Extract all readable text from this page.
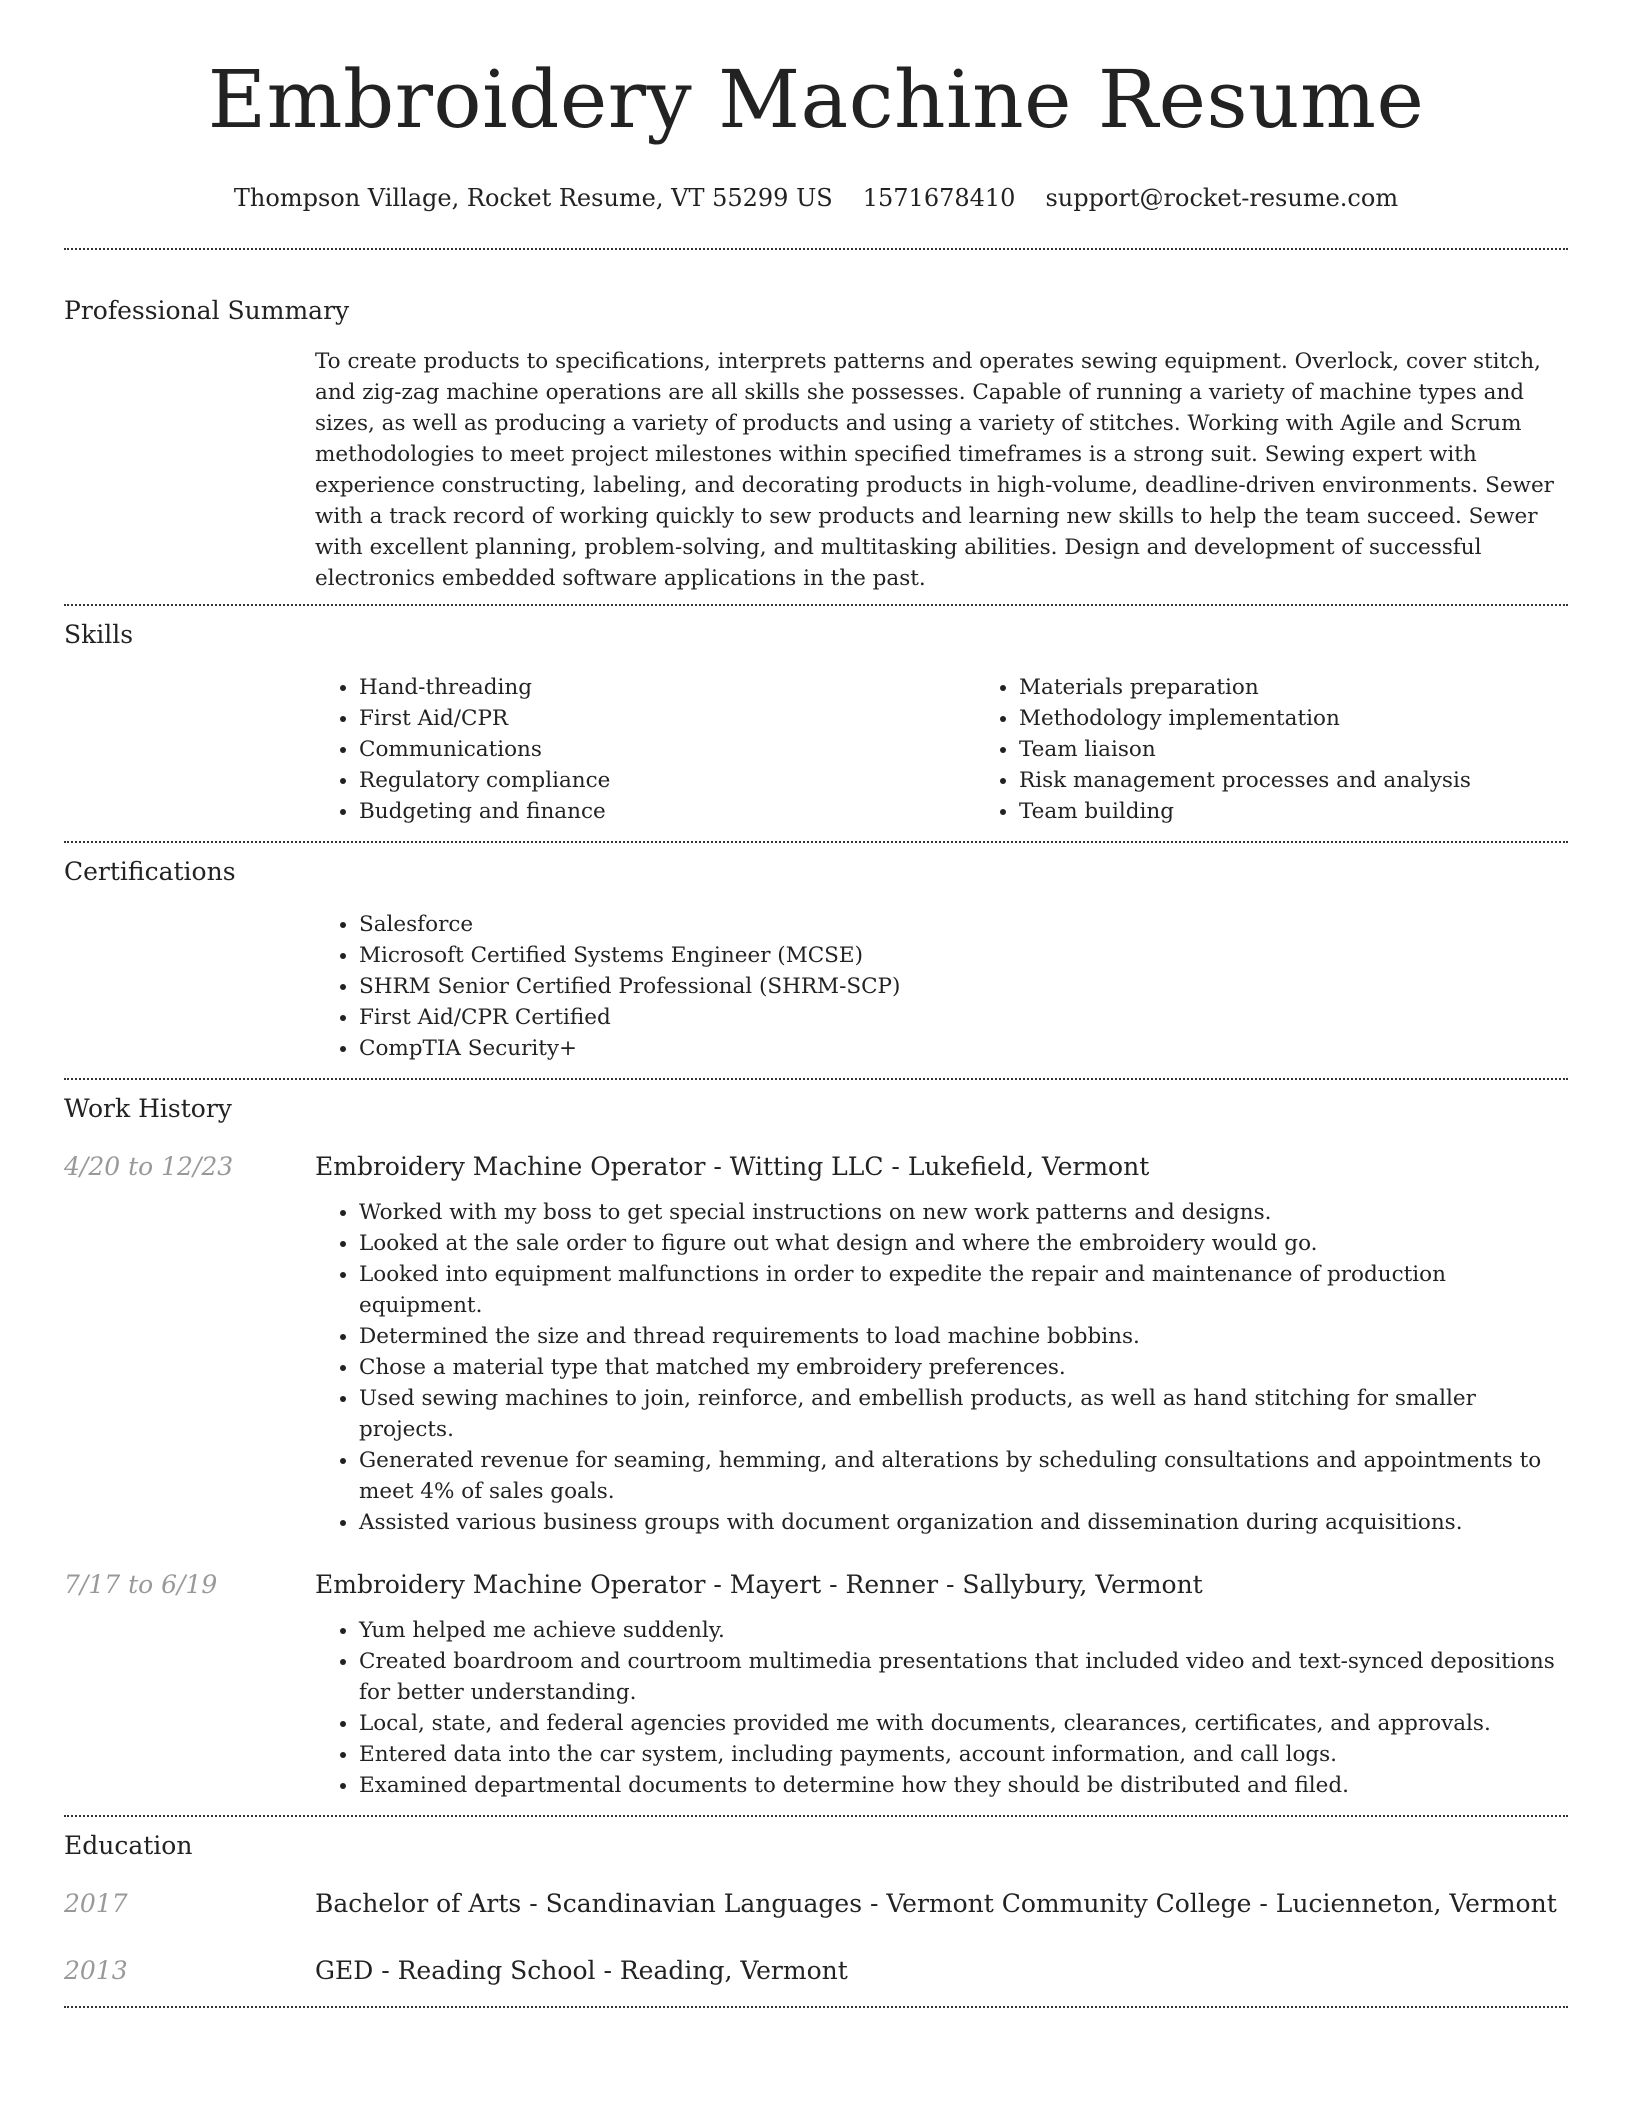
Embroidery Machine Resume
Thompson Village, Rocket Resume, VT 55299 US 1571678410 support@rocket-resume.com
Professional Summary

To create products to specifications, interprets patterns and operates sewing equipment. Overlock, cover stitch, and zig-zag machine operations are all skills she possesses. Capable of running a variety of machine types and sizes, as well as producing a variety of products and using a variety of stitches. Working with Agile and Scrum methodologies to meet project milestones within specified timeframes is a strong suit. Sewing expert with experience constructing, labeling, and decorating products in high-volume, deadline-driven environments. Sewer with a track record of working quickly to sew products and learning new skills to help the team succeed. Sewer with excellent planning, problem-solving, and multitasking abilities. Design and development of successful electronics embedded software applications in the past.

Skills
• Hand-threading
• First Aid/CPR
• Communications
• Regulatory compliance
• Budgeting and finance
• Materials preparation
• Methodology implementation
• Team liaison
• Risk management processes and analysis
• Team building
Certifications
• Salesforce
• Microsoft Certified Systems Engineer (MCSE)
• SHRM Senior Certified Professional (SHRM-SCP)
• First Aid/CPR Certified
• CompTIA Security+
Work History
4/20 to 12/23	Embroidery Machine Operator - Witting LLC - Lukefield, Vermont
• Worked with my boss to get special instructions on new work patterns and designs.
• Looked at the sale order to figure out what design and where the embroidery would go.
• Looked into equipment malfunctions in order to expedite the repair and maintenance of production equipment.
• Determined the size and thread requirements to load machine bobbins.
• Chose a material type that matched my embroidery preferences.
• Used sewing machines to join, reinforce, and embellish products, as well as hand stitching for smaller projects.
• Generated revenue for seaming, hemming, and alterations by scheduling consultations and appointments to meet 4% of sales goals.
• Assisted various business groups with document organization and dissemination during acquisitions.
7/17 to 6/19	Embroidery Machine Operator - Mayert - Renner - Sallybury, Vermont
• Yum helped me achieve suddenly.
• Created boardroom and courtroom multimedia presentations that included video and text-synced depositions for better understanding.
• Local, state, and federal agencies provided me with documents, clearances, certificates, and approvals.
• Entered data into the car system, including payments, account information, and call logs.
• Examined departmental documents to determine how they should be distributed and filed.
Education
2017	Bachelor of Arts - Scandinavian Languages - Vermont Community College - Lucienneton, Vermont
2013	GED - Reading School - Reading, Vermont
